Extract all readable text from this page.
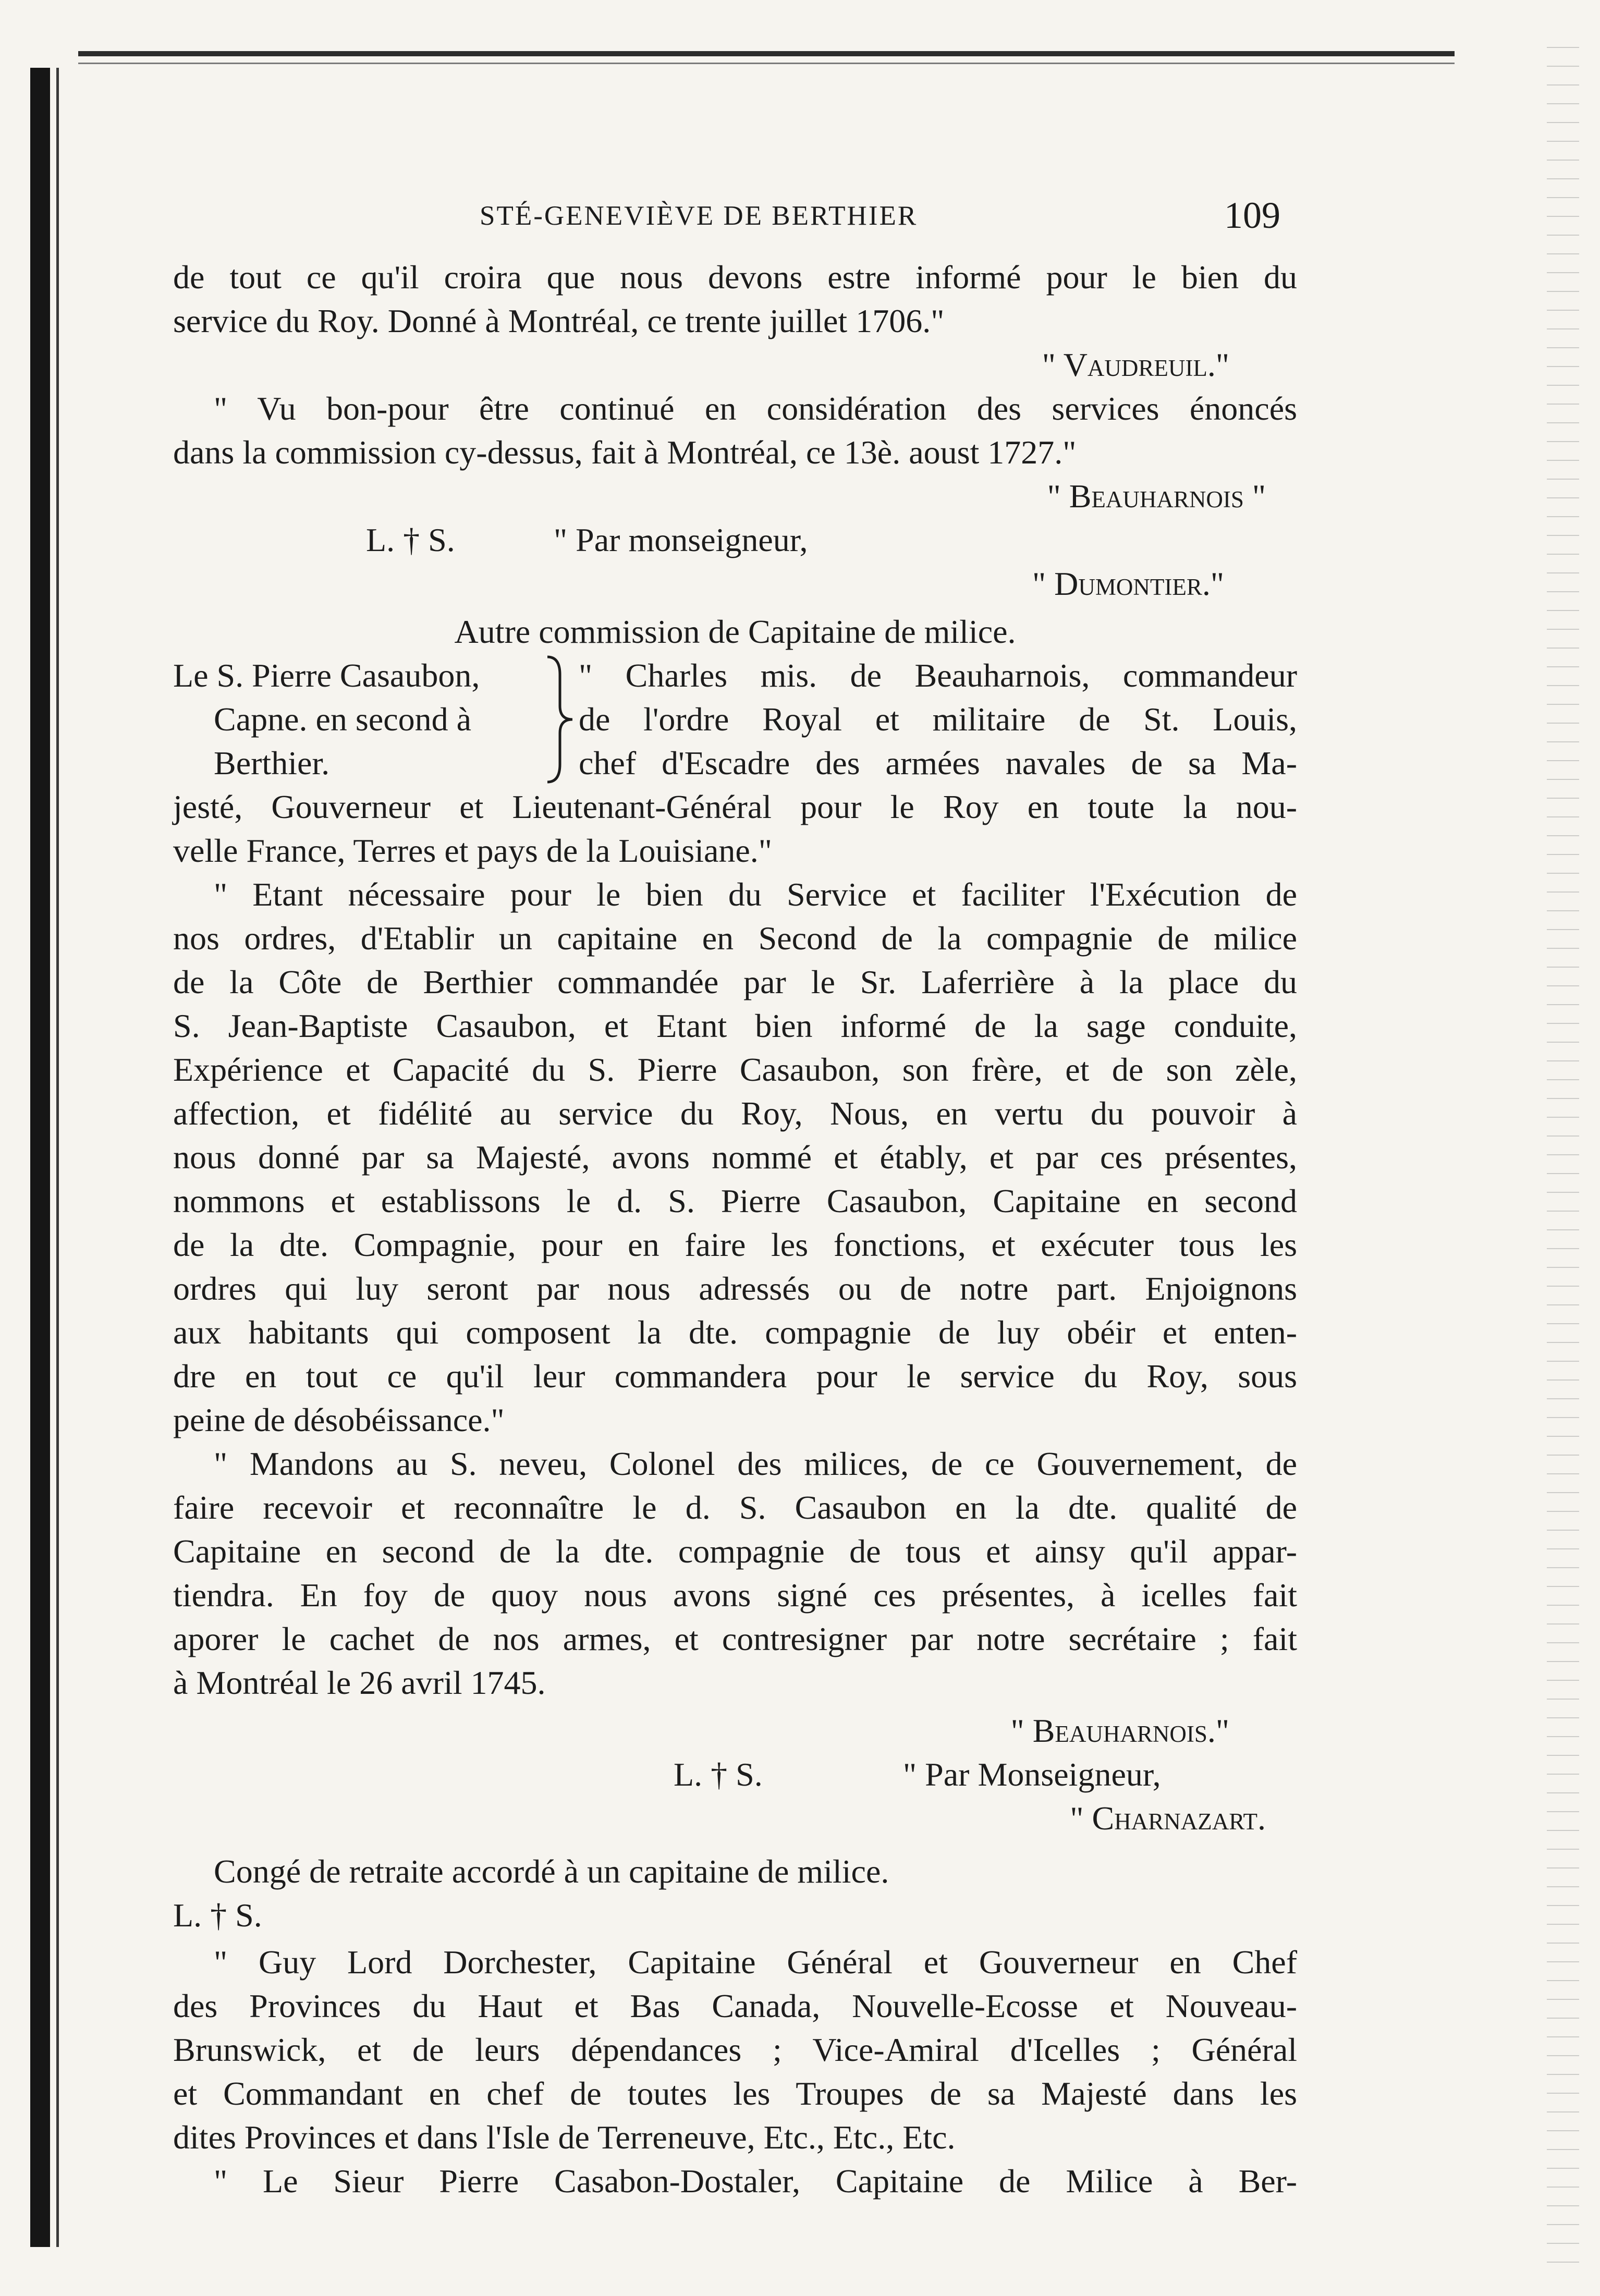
STÉ-GENEVIÈVE DE BERTHIER	109
de tout ce qu'il croira que nous devons estre informé pour le bien du
service du Roy. Donné à Montréal, ce trente juillet 1706."
" Vaudreuil."
" Vu bon-pour être continué en considération des services énoncés
dans la commission cy-dessus, fait à Montréal, ce 13è. aoust 1727."
" Beauharnois "
L. † S.	" Par monseigneur,
" Dumontier."
Autre commission de Capitaine de milice.
Le S. Pierre Casaubon,
Capne. en second à
Berthier.
" Charles mis. de Beauharnois, commandeur
de l'ordre Royal et militaire de St. Louis,
chef d'Escadre des armées navales de sa Ma-
jesté, Gouverneur et Lieutenant-Général pour le Roy en toute la nou-
velle France, Terres et pays de la Louisiane."
" Etant nécessaire pour le bien du Service et faciliter l'Exécution de
nos ordres, d'Etablir un capitaine en Second de la compagnie de milice
de la Côte de Berthier commandée par le Sr. Laferrière à la place du
S. Jean-Baptiste Casaubon, et Etant bien informé de la sage conduite,
Expérience et Capacité du S. Pierre Casaubon, son frère, et de son zèle,
affection, et fidélité au service du Roy, Nous, en vertu du pouvoir à
nous donné par sa Majesté, avons nommé et étably, et par ces présentes,
nommons et establissons le d. S. Pierre Casaubon, Capitaine en second
de la dte. Compagnie, pour en faire les fonctions, et exécuter tous les
ordres qui luy seront par nous adressés ou de notre part. Enjoignons
aux habitants qui composent la dte. compagnie de luy obéir et enten-
dre en tout ce qu'il leur commandera pour le service du Roy, sous
peine de désobéissance."
" Mandons au S. neveu, Colonel des milices, de ce Gouvernement, de
faire recevoir et reconnaître le d. S. Casaubon en la dte. qualité de
Capitaine en second de la dte. compagnie de tous et ainsy qu'il appar-
tiendra. En foy de quoy nous avons signé ces présentes, à icelles fait
aporer le cachet de nos armes, et contresigner par notre secrétaire ; fait
à Montréal le 26 avril 1745.
" Beauharnois."
L. † S.	" Par Monseigneur,
" Charnazart.
Congé de retraite accordé à un capitaine de milice.
L. † S.
" Guy Lord Dorchester, Capitaine Général et Gouverneur en Chef
des Provinces du Haut et Bas Canada, Nouvelle-Ecosse et Nouveau-
Brunswick, et de leurs dépendances ; Vice-Amiral d'Icelles ; Général
et Commandant en chef de toutes les Troupes de sa Majesté dans les
dites Provinces et dans l'Isle de Terreneuve, Etc., Etc., Etc.
" Le Sieur Pierre Casabon-Dostaler, Capitaine de Milice à Ber-
